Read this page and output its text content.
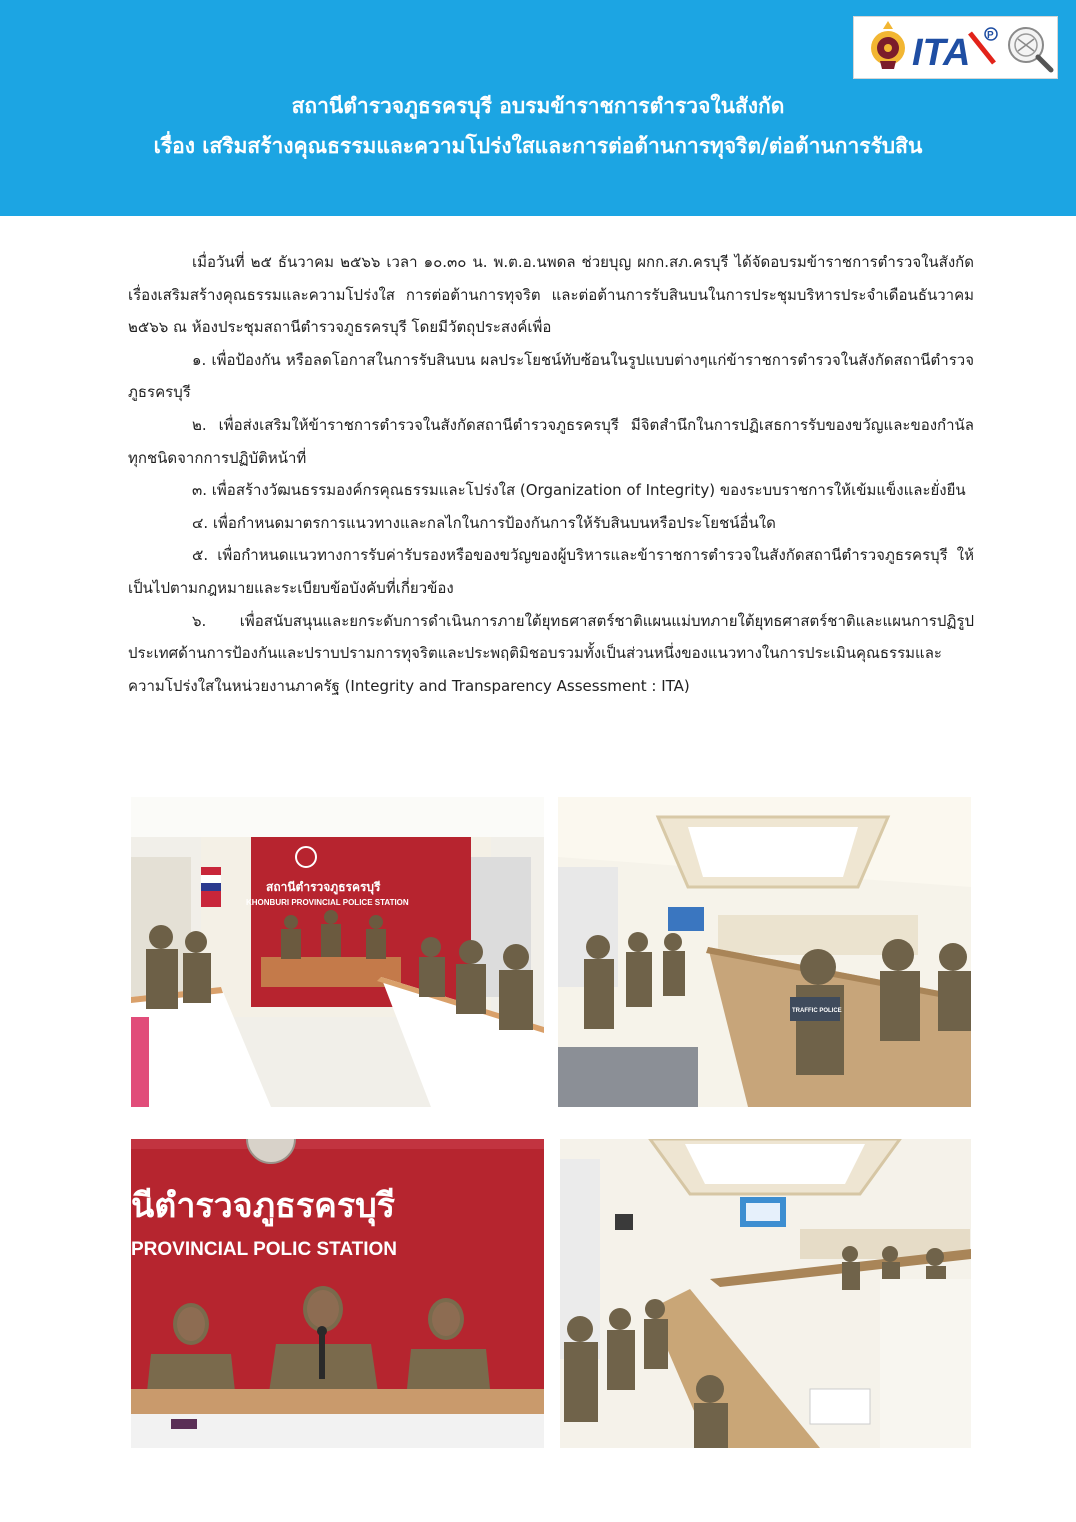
ITA P
สถานีตำรวจภูธรครบุรี อบรมข้าราชการตำรวจในสังกัด
เรื่อง เสริมสร้างคุณธรรมและความโปร่งใสและการต่อต้านการทุจริต/ต่อต้านการรับสิน

เมื่อวันที่ ๒๕ ธันวาคม ๒๕๖๖ เวลา ๑๐.๓๐ น. พ.ต.อ.นพดล ช่วยบุญ ผกก.สภ.ครบุรี ได้จัดอบรมข้าราชการตำรวจในสังกัด เรื่องเสริมสร้างคุณธรรมและความโปร่งใส การต่อต้านการทุจริต และต่อต้านการรับสินบนในการประชุมบริหารประจำเดือนธันวาคม ๒๕๖๖ ณ ห้องประชุมสถานีตำรวจภูธรครบุรี โดยมีวัตถุประสงค์เพื่อ

๑. เพื่อป้องกัน หรือลดโอกาสในการรับสินบน ผลประโยชน์ทับซ้อนในรูปแบบต่างๆแก่ข้าราชการตำรวจในสังกัดสถานีตำรวจภูธรครบุรี

๒. เพื่อส่งเสริมให้ข้าราชการตำรวจในสังกัดสถานีตำรวจภูธรครบุรี มีจิตสำนึกในการปฏิเสธการรับของขวัญและของกำนัลทุกชนิดจากการปฏิบัติหน้าที่

๓. เพื่อสร้างวัฒนธรรมองค์กรคุณธรรมและโปร่งใส (Organization of Integrity) ของระบบราชการให้เข้มแข็งและยั่งยืน

๔. เพื่อกำหนดมาตรการแนวทางและกลไกในการป้องกันการให้รับสินบนหรือประโยชน์อื่นใด

๕. เพื่อกำหนดแนวทางการรับค่ารับรองหรือของขวัญของผู้บริหารและข้าราชการตำรวจในสังกัดสถานีตำรวจภูธรครบุรี ให้เป็นไปตามกฎหมายและระเบียบข้อบังคับที่เกี่ยวข้อง

๖. เพื่อสนับสนุนและยกระดับการดำเนินการภายใต้ยุทธศาสตร์ชาติแผนแม่บทภายใต้ยุทธศาสตร์ชาติและแผนการปฏิรูปประเทศด้านการป้องกันและปราบปรามการทุจริตและประพฤติมิชอบรวมทั้งเป็นส่วนหนึ่งของแนวทางในการประเมินคุณธรรมและความโปร่งใสในหน่วยงานภาครัฐ (Integrity and Transparency Assessment : ITA)

สถานีตำรวจภูธรครบุรี
KHONBURI PROVINCIAL POLICE STATION
TRAFFIC POLICE
นีตำรวจภูธรครบุรี
PROVINCIAL POLIC STATION
